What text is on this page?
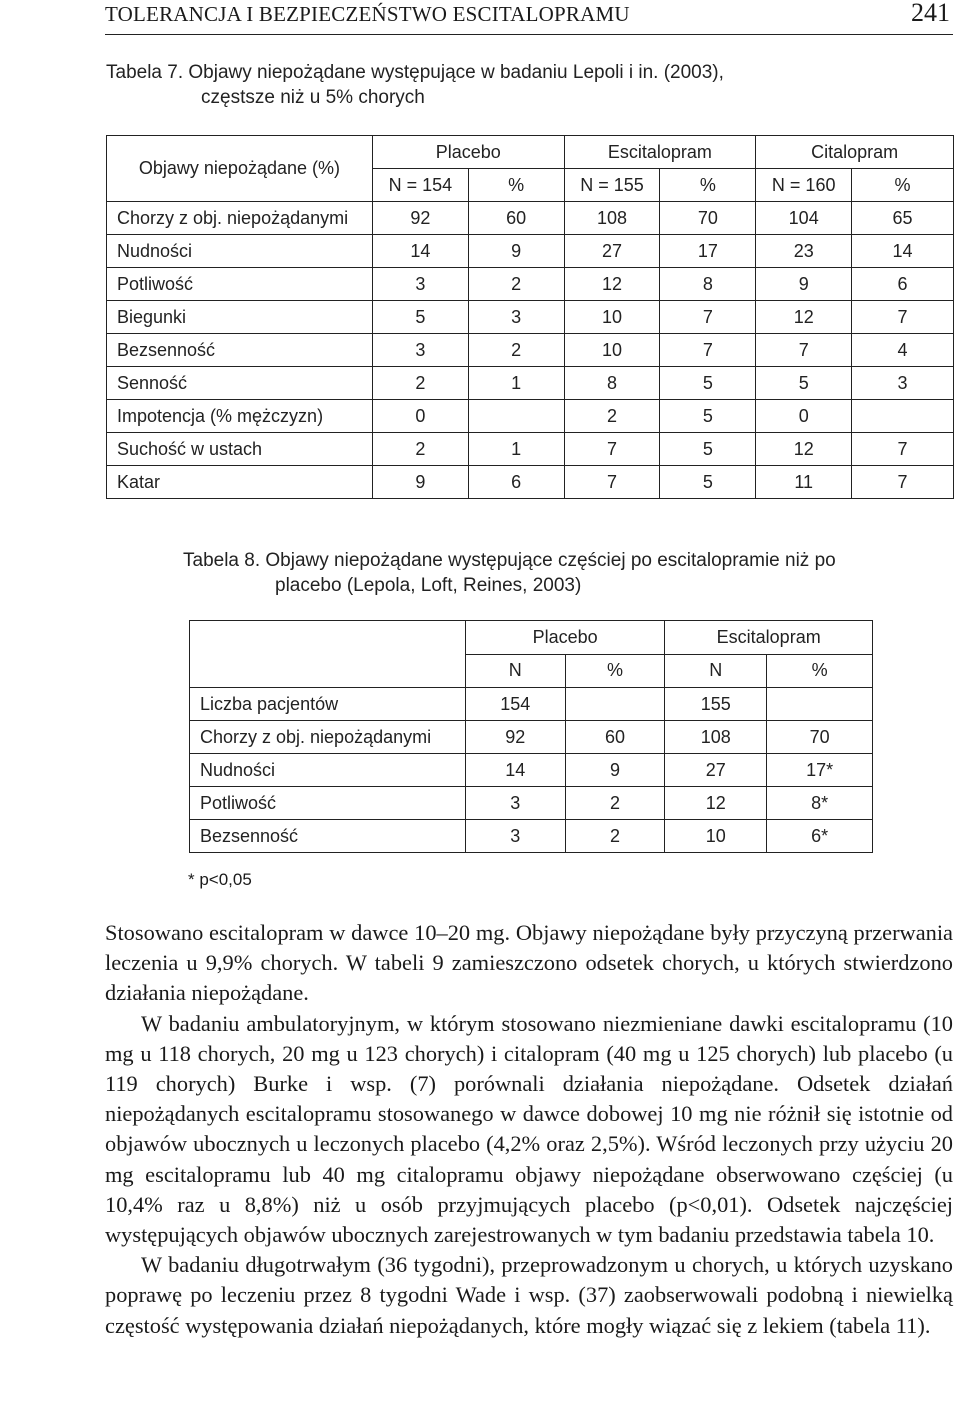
TOLERANCJA I BEZPIECZEŃSTWO ESCITALOPRAMU	241
Tabela 7. Objawy niepożądane występujące w badaniu Lepoli i in. (2003),
częstsze niż u 5% chorych
Objawy niepożądane (%)	Placebo		Escitalopram		Citalopram	
	N = 154	%	N = 155	%	N = 160	%
Chorzy z obj. niepożądanymi	92	60	108	70	104	65
Nudności	14	9	27	17	23	14
Potliwość	3	2	12	8	9	6
Biegunki	5	3	10	7	12	7
Bezsenność	3	2	10	7	7	4
Senność	2	1	8	5	5	3
Impotencja (% mężczyzn)	0		2	5	0	
Suchość w ustach	2	1	7	5	12	7
Katar	9	6	7	5	11	7
Tabela 8. Objawy niepożądane występujące częściej po escitalopramie niż po
placebo (Lepola, Loft, Reines, 2003)
	Placebo		Escitalopram	
	N	%	N	%
Liczba pacjentów	154		155	
Chorzy z obj. niepożądanymi	92	60	108	70
Nudności	14	9	27	17*
Potliwość	3	2	12	8*
Bezsenność	3	2	10	6*
* p<0,05

Stosowano escitalopram w dawce 10–20 mg. Objawy niepożądane były przyczyną przerwania leczenia u 9,9% chorych. W tabeli 9 zamieszczono odsetek chorych, u których stwierdzono działania niepożądane.

W badaniu ambulatoryjnym, w którym stosowano niezmieniane dawki escitalopramu (10 mg u 118 chorych, 20 mg u 123 chorych) i citalopram (40 mg u 125 chorych) lub placebo (u 119 chorych) Burke i wsp. (7) porównali działania niepożądane. Odsetek działań niepożądanych escitalopramu stosowanego w dawce dobowej 10 mg nie różnił się istotnie od objawów ubocznych u leczonych placebo (4,2% oraz 2,5%). Wśród leczonych przy użyciu 20 mg escitalopramu lub 40 mg citalopramu objawy niepożądane obserwowano częściej (u 10,4% raz u 8,8%) niż u osób przyjmujących placebo (p<0,01). Odsetek najczęściej występujących objawów ubocznych zarejestrowanych w tym badaniu przedstawia tabela 10.

W badaniu długotrwałym (36 tygodni), przeprowadzonym u chorych, u których uzyskano poprawę po leczeniu przez 8 tygodni Wade i wsp. (37) zaobserwowali podobną i niewielką częstość występowania działań niepożądanych, które mogły wiązać się z lekiem (tabela 11).
